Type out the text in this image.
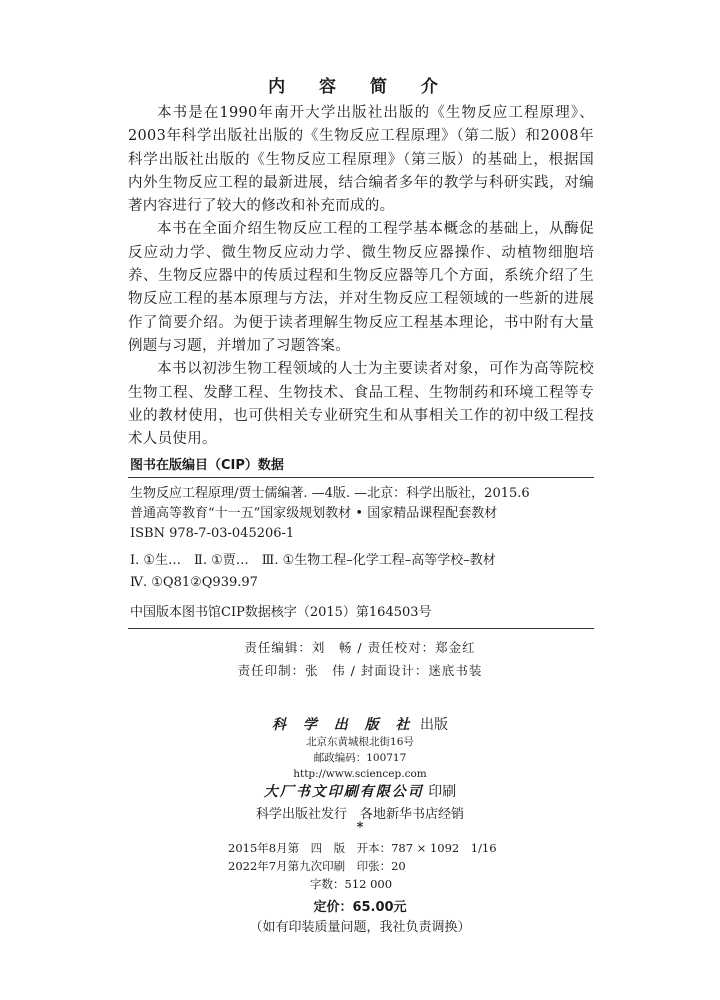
内 容 简 介

本书是在1990年南开大学出版社出版的《生物反应工程原理》、2003年科学出版社出版的《生物反应工程原理》（第二版）和2008年科学出版社出版的《生物反应工程原理》（第三版）的基础上，根据国内外生物反应工程的最新进展，结合编者多年的教学与科研实践，对编著内容进行了较大的修改和补充而成的。

本书在全面介绍生物反应工程的工程学基本概念的基础上，从酶促反应动力学、微生物反应动力学、微生物反应器操作、动植物细胞培养、生物反应器中的传质过程和生物反应器等几个方面，系统介绍了生物反应工程的基本原理与方法，并对生物反应工程领域的一些新的进展作了简要介绍。为便于读者理解生物反应工程基本理论，书中附有大量例题与习题，并增加了习题答案。

本书以初涉生物工程领域的人士为主要读者对象，可作为高等院校生物工程、发酵工程、生物技术、食品工程、生物制药和环境工程等专业的教材使用，也可供相关专业研究生和从事相关工作的初中级工程技术人员使用。

图书在版编目（CIP）数据
生物反应工程原理/贾士儒编著. —4版. —北京：科学出版社，2015.6
普通高等教育“十一五”国家级规划教材 • 国家精品课程配套教材
ISBN 978-7-03-045206-1
Ⅰ. ①生…　Ⅱ. ①贾…　Ⅲ. ①生物工程–化学工程–高等学校–教材
Ⅳ. ①Q81②Q939.97
中国版本图书馆CIP数据核字（2015）第164503号
责任编辑：刘　畅 / 责任校对：郑金红
责任印制：张　伟 / 封面设计：迷底书装
科 学 出 版 社 出版
北京东黄城根北街16号
邮政编码：100717
http://www.sciencep.com
大厂书文印刷有限公司 印刷
科学出版社发行　各地新华书店经销
*
2015年8月第　四　版　开本：787 × 1092　1/16
2022年7月第九次印刷　印张：20
字数：512 000
定价：65.00元
（如有印装质量问题，我社负责调换）
